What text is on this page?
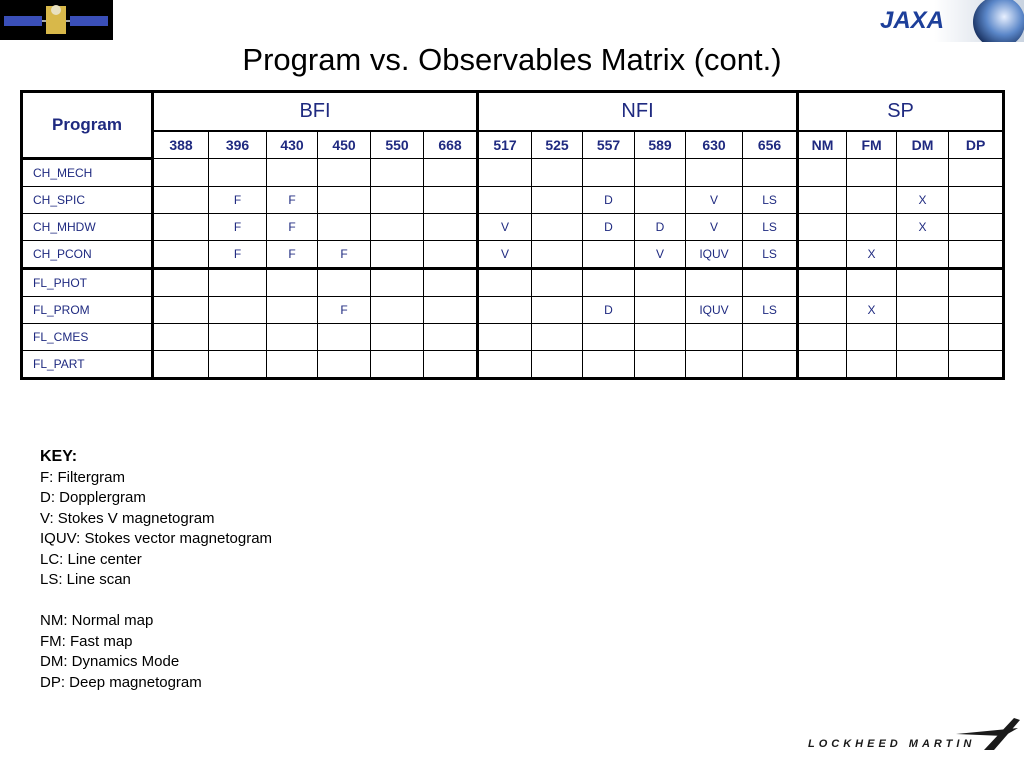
JAXA
Program vs. Observables Matrix (cont.)
Program	BFI						NFI						SP			
	388	396	430	450	550	668	517	525	557	589	630	656	NM	FM	DM	DP
CH_MECH																
CH_SPIC		F	F						D		V	LS			X	
CH_MHDW		F	F				V		D	D	V	LS			X	
CH_PCON		F	F	F			V			V	IQUV	LS		X		
FL_PHOT																
FL_PROM				F					D		IQUV	LS		X		
FL_CMES																
FL_PART																
KEY:
F: Filtergram
D: Dopplergram
V: Stokes V magnetogram
IQUV: Stokes vector magnetogram
LC: Line center
LS: Line scan
NM: Normal map
FM: Fast map
DM: Dynamics Mode
DP: Deep magnetogram
LOCKHEED MARTIN
